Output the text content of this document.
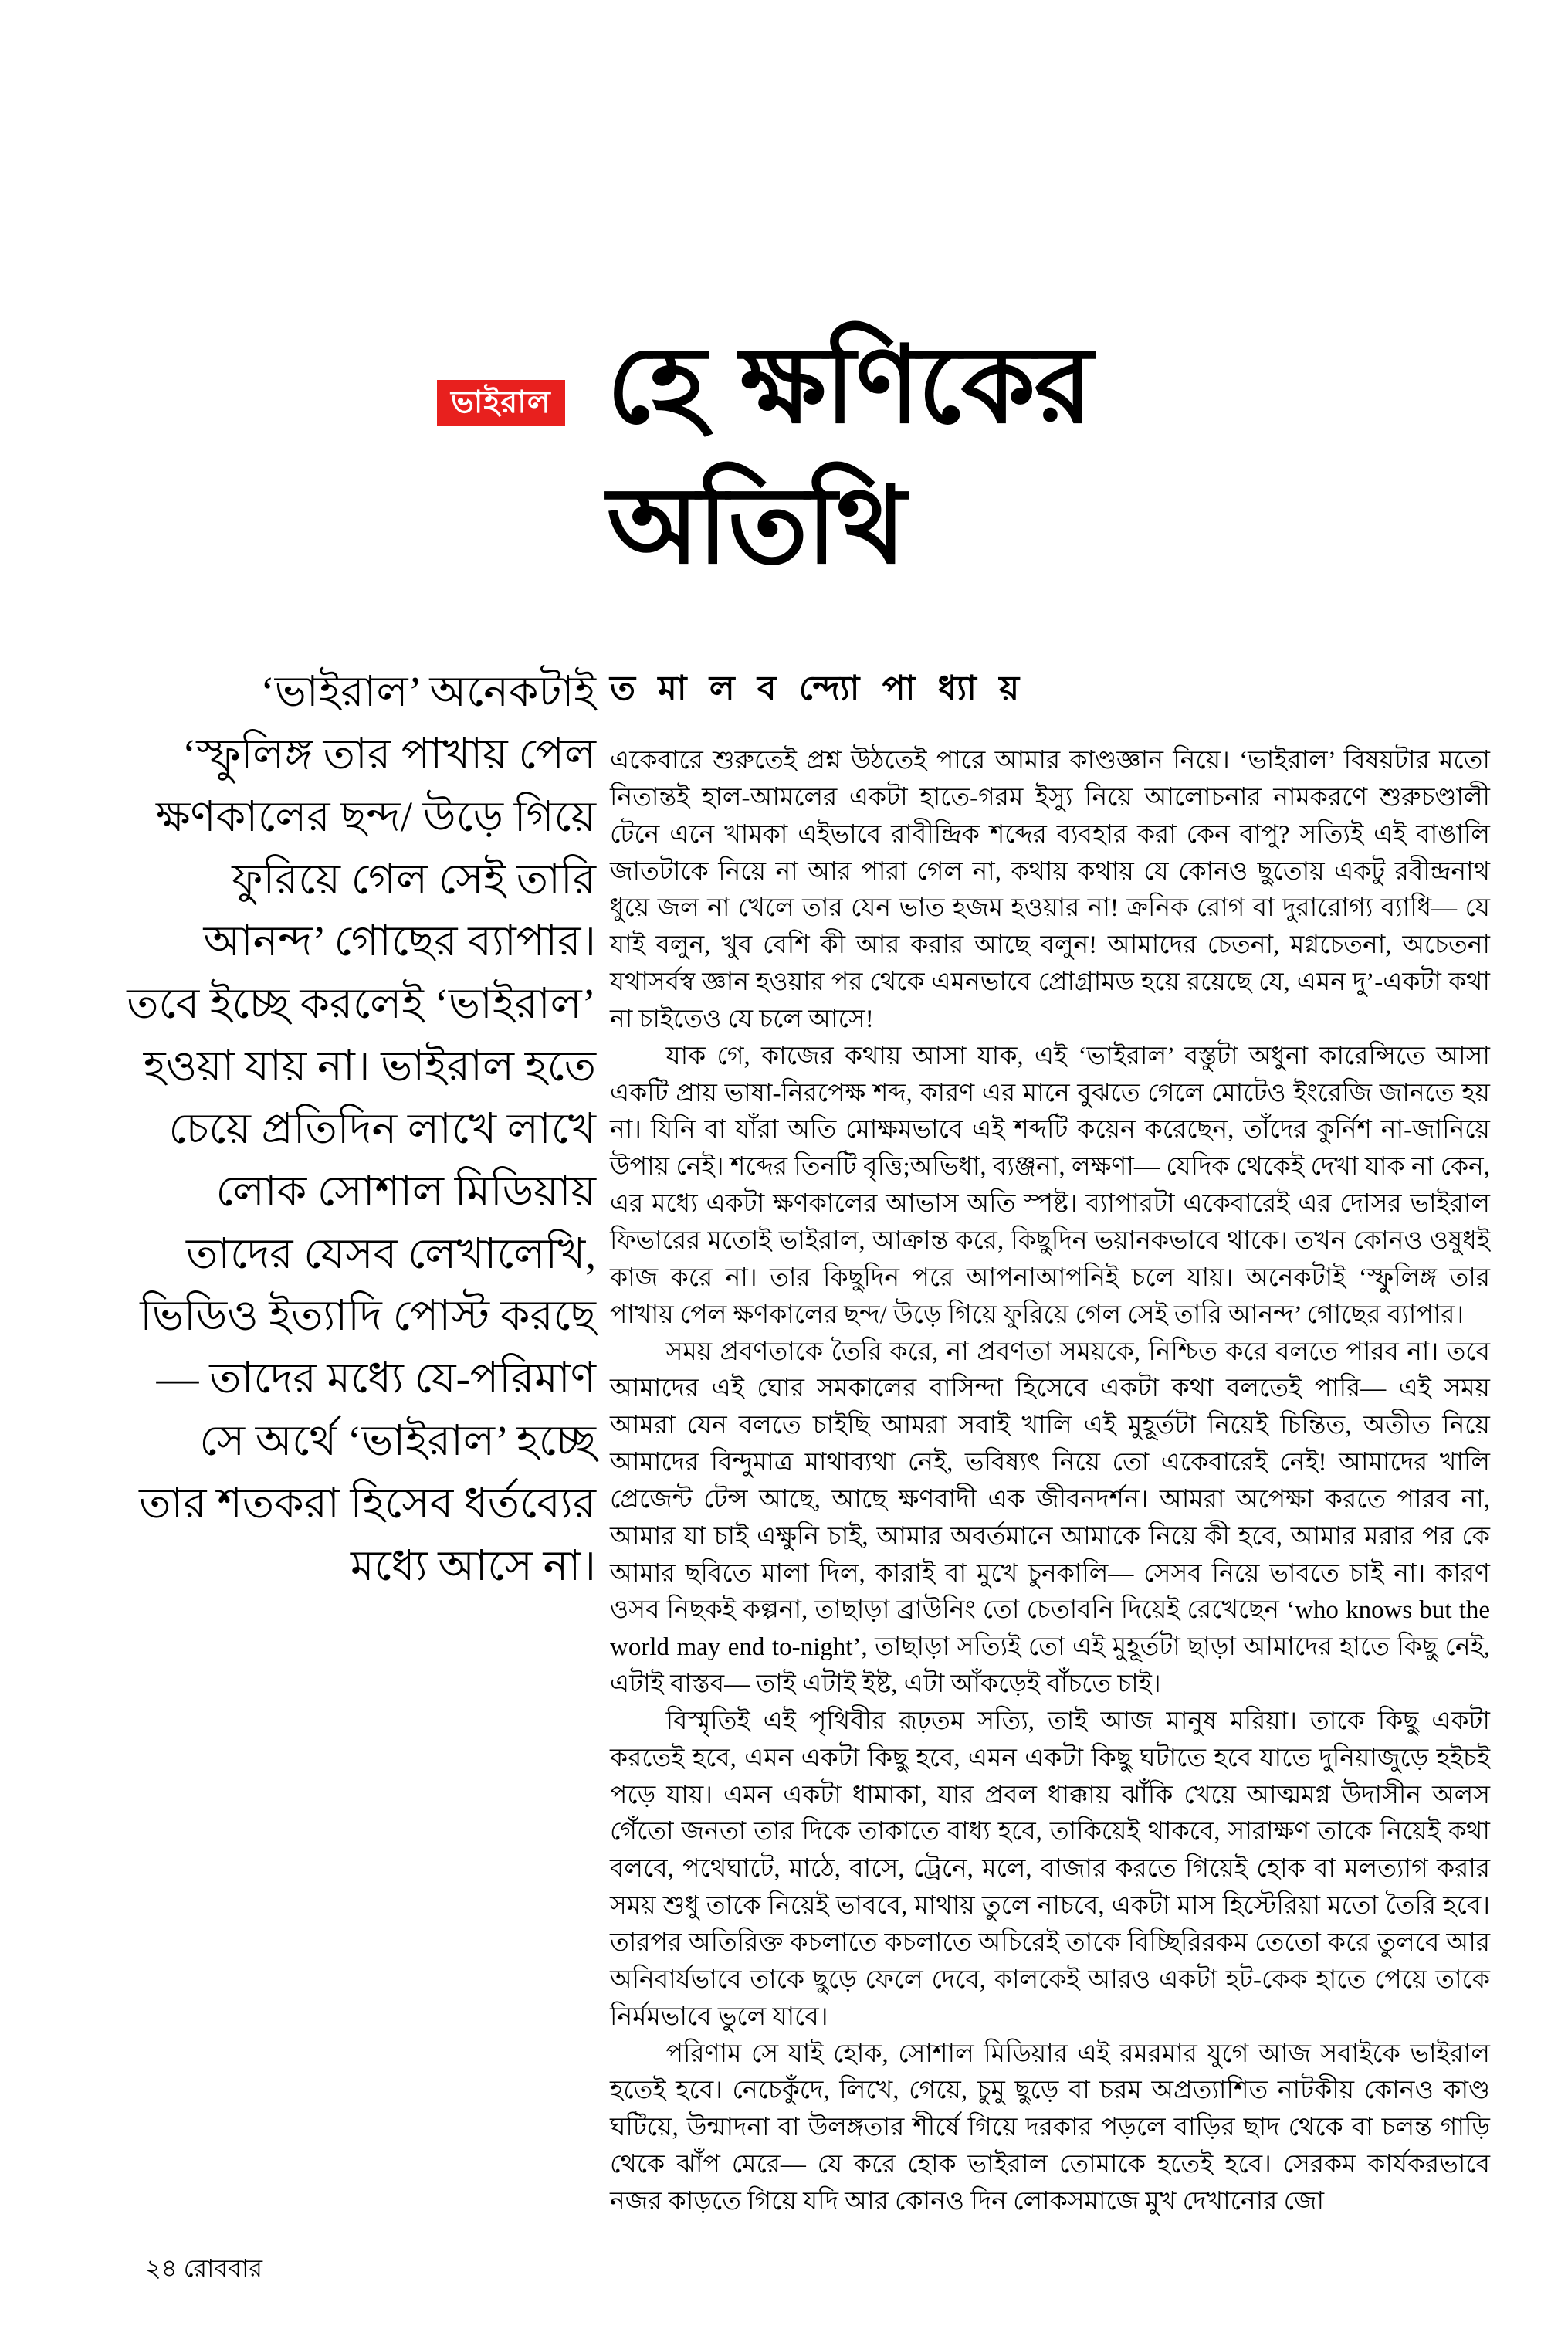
ভাইরাল হে ক্ষণিকের
অতিথি
ত মা ল ব ন্দ্যো পা ধ্যা য়
‘ভাইরাল’ অনেকটাই ‘স্ফুলিঙ্গ তার পাখায় পেল ক্ষণকালের ছন্দ/ উড়ে গিয়ে ফুরিয়ে গেল সেই তারি আনন্দ’ গোছের ব্যাপার। তবে ইচ্ছে করলেই ‘ভাইরাল’ হওয়া যায় না। ভাইরাল হতে চেয়ে প্রতিদিন লাখে লাখে লোক সোশাল মিডিয়ায় তাদের যেসব লেখালেখি, ভিডিও ইত্যাদি পোস্ট করছে— তাদের মধ্যে যে-পরিমাণ সে অর্থে ‘ভাইরাল’ হচ্ছে তার শতকরা হিসেব ধর্তব্যের মধ্যে আসে না।

একেবারে শুরুতেই প্রশ্ন উঠতেই পারে আমার কাণ্ডজ্ঞান নিয়ে। ‘ভাইরাল’ বিষয়টার মতো নিতান্তই হাল-আমলের একটা হাতে-গরম ইস্যু নিয়ে আলোচনার নামকরণে শুরুচণ্ডালী টেনে এনে খামকা এইভাবে রাবীন্দ্রিক শব্দের ব্যবহার করা কেন বাপু? সত্যিই এই বাঙালি জাতটাকে নিয়ে না আর পারা গেল না, কথায় কথায় যে কোনও ছুতোয় একটু রবীন্দ্রনাথ ধুয়ে জল না খেলে তার যেন ভাত হজম হওয়ার না! ক্রনিক রোগ বা দুরারোগ্য ব্যাধি— যে যাই বলুন, খুব বেশি কী আর করার আছে বলুন! আমাদের চেতনা, মগ্নচেতনা, অচেতনা যথাসর্বস্ব জ্ঞান হওয়ার পর থেকে এমনভাবে প্রোগ্রামড হয়ে রয়েছে যে, এমন দু’-একটা কথা না চাইতেও যে চলে আসে!

যাক গে, কাজের কথায় আসা যাক, এই ‘ভাইরাল’ বস্তুটা অধুনা কারেন্সিতে আসা একটি প্রায় ভাষা-নিরপেক্ষ শব্দ, কারণ এর মানে বুঝতে গেলে মোটেও ইংরেজি জানতে হয় না। যিনি বা যাঁরা অতি মোক্ষমভাবে এই শব্দটি কয়েন করেছেন, তাঁদের কুর্নিশ না-জানিয়ে উপায় নেই। শব্দের তিনটি বৃত্তি;অভিধা, ব্যঞ্জনা, লক্ষণা— যেদিক থেকেই দেখা যাক না কেন, এর মধ্যে একটা ক্ষণকালের আভাস অতি স্পষ্ট। ব্যাপারটা একেবারেই এর দোসর ভাইরাল ফিভারের মতোই ভাইরাল, আক্রান্ত করে, কিছুদিন ভয়ানকভাবে থাকে। তখন কোনও ওষুধই কাজ করে না। তার কিছুদিন পরে আপনাআপনিই চলে যায়। অনেকটাই ‘স্ফুলিঙ্গ তার পাখায় পেল ক্ষণকালের ছন্দ/ উড়ে গিয়ে ফুরিয়ে গেল সেই তারি আনন্দ’ গোছের ব্যাপার।

সময় প্রবণতাকে তৈরি করে, না প্রবণতা সময়কে, নিশ্চিত করে বলতে পারব না। তবে আমাদের এই ঘোর সমকালের বাসিন্দা হিসেবে একটা কথা বলতেই পারি— এই সময় আমরা যেন বলতে চাইছি আমরা সবাই খালি এই মুহূর্তটা নিয়েই চিন্তিত, অতীত নিয়ে আমাদের বিন্দুমাত্র মাথাব্যথা নেই, ভবিষ্যৎ নিয়ে তো একেবারেই নেই! আমাদের খালি প্রেজেন্ট টেন্স আছে, আছে ক্ষণবাদী এক জীবনদর্শন। আমরা অপেক্ষা করতে পারব না, আমার যা চাই এক্ষুনি চাই, আমার অবর্তমানে আমাকে নিয়ে কী হবে, আমার মরার পর কে আমার ছবিতে মালা দিল, কারাই বা মুখে চুনকালি— সেসব নিয়ে ভাবতে চাই না। কারণ ওসব নিছকই কল্পনা, তাছাড়া ব্রাউনিং তো চেতাবনি দিয়েই রেখেছেন ‘who knows but the world may end to-night’, তাছাড়া সত্যিই তো এই মুহূর্তটা ছাড়া আমাদের হাতে কিছু নেই, এটাই বাস্তব— তাই এটাই ইষ্ট, এটা আঁকড়েই বাঁচতে চাই।

বিস্মৃতিই এই পৃথিবীর রূঢ়তম সত্যি, তাই আজ মানুষ মরিয়া। তাকে কিছু একটা করতেই হবে, এমন একটা কিছু হবে, এমন একটা কিছু ঘটাতে হবে যাতে দুনিয়াজুড়ে হইচই পড়ে যায়। এমন একটা ধামাকা, যার প্রবল ধাক্কায় ঝাঁকি খেয়ে আত্মমগ্ন উদাসীন অলস গেঁতো জনতা তার দিকে তাকাতে বাধ্য হবে, তাকিয়েই থাকবে, সারাক্ষণ তাকে নিয়েই কথা বলবে, পথেঘাটে, মাঠে, বাসে, ট্রেনে, মলে, বাজার করতে গিয়েই হোক বা মলত্যাগ করার সময় শুধু তাকে নিয়েই ভাববে, মাথায় তুলে নাচবে, একটা মাস হিস্টেরিয়া মতো তৈরি হবে। তারপর অতিরিক্ত কচলাতে কচলাতে অচিরেই তাকে বিচ্ছিরিরকম তেতো করে তুলবে আর অনিবার্যভাবে তাকে ছুড়ে ফেলে দেবে, কালকেই আরও একটা হট-কেক হাতে পেয়ে তাকে নির্মমভাবে ভুলে যাবে।

পরিণাম সে যাই হোক, সোশাল মিডিয়ার এই রমরমার যুগে আজ সবাইকে ভাইরাল হতেই হবে। নেচেকুঁদে, লিখে, গেয়ে, চুমু ছুড়ে বা চরম অপ্রত্যাশিত নাটকীয় কোনও কাণ্ড ঘটিয়ে, উন্মাদনা বা উলঙ্গতার শীর্ষে গিয়ে দরকার পড়লে বাড়ির ছাদ থেকে বা চলন্ত গাড়ি থেকে ঝাঁপ মেরে— যে করে হোক ভাইরাল তোমাকে হতেই হবে। সেরকম কার্যকরভাবে নজর কাড়তে গিয়ে যদি আর কোনও দিন লোকসমাজে মুখ দেখানোর জো

২৪ রোববার
